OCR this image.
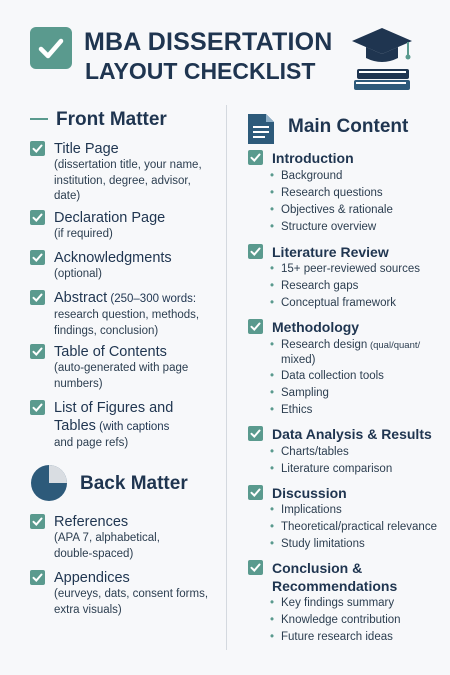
MBA DISSERTATION
LAYOUT CHECKLIST
Front Matter
Title Page
(dissertation title, your name,
institution, degree, advisor,
date)
Declaration Page
(if required)
Acknowledgments
(optional)
Abstract (250–300 words:
research question, methods,
findings, conclusion)
Table of Contents
(auto-generated with page
numbers)
List of Figures and
Tables (with captions
and page refs)
Back Matter
References
(APA 7, alphabetical,
double-spaced)
Appendices
(eurveys, dats, consent forms,
extra visuals)
Main Content
Introduction
• Background
• Research questions
• Objectives & rationale
• Structure overview
Literature Review
• 15+ peer-reviewed sources
• Research gaps
• Conceptual framework
Methodology
• Research design (qual/quant/
mixed)
• Data collection tools
• Sampling
• Ethics
Data Analysis & Results
• Charts/tables
• Literature comparison
Discussion
• Implications
• Theoretical/practical relevance
• Study limitations
Conclusion &
Recommendations
• Key findings summary
• Knowledge contribution
• Future research ideas
